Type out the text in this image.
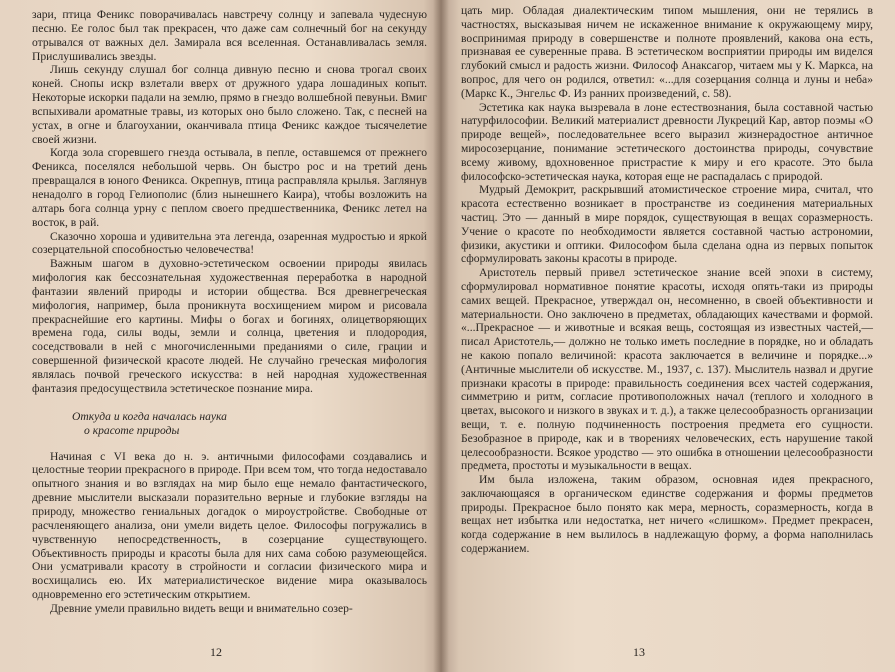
зари, птица Феникс поворачивалась навстречу солнцу и запевала чудесную песню. Ее голос был так прекрасен, что даже сам солнечный бог на секунду отрывался от важных дел. Замирала вся вселенная. Останавливалась земля. Прислушивались звезды.

Лишь секунду слушал бог солнца дивную песню и снова трогал своих коней. Снопы искр взлетали вверх от дружного удара лошадиных копыт. Некоторые искорки падали на землю, прямо в гнездо волшебной певуньи. Вмиг вспыхивали ароматные травы, из которых оно было сложено. Так, с песней на устах, в огне и благоухании, оканчивала птица Феникс каждое тысячелетие своей жизни.

Когда зола сгоревшего гнезда остывала, в пепле, оставшемся от прежнего Феникса, поселялся небольшой червь. Он быстро рос и на третий день превращался в юного Феникса. Окрепнув, птица расправляла крылья. Заглянув ненадолго в город Гелиополис (близ нынешнего Каира), чтобы возложить на алтарь бога солнца урну с пеплом своего предшественника, Феникс летел на восток, в рай.

Сказочно хороша и удивительна эта легенда, озаренная мудростью и яркой созерцательной способностью человечества!

Важным шагом в духовно-эстетическом освоении природы явилась мифология как бессознательная художественная переработка в народной фантазии явлений природы и истории общества. Вся древнегреческая мифология, например, была проникнута восхищением миром и рисовала прекраснейшие его картины. Мифы о богах и богинях, олицетворяющих времена года, силы воды, земли и солнца, цветения и плодородия, соседствовали в ней с многочисленными преданиями о силе, грации и совершенной физической красоте людей. Не случайно греческая мифология являлась почвой греческого искусства: в ней народная художественная фантазия предосуществила эстетическое познание мира.

Откуда и когда началась наука
о красоте природы

Начиная с VI века до н. э. античными философами создавались и целостные теории прекрасного в природе. При всем том, что тогда недоставало опытного знания и во взглядах на мир было еще немало фантастического, древние мыслители высказали поразительно верные и глубокие взгляды на природу, множество гениальных догадок о мироустройстве. Свободные от расчленяющего анализа, они умели видеть целое. Философы погружались в чувственную непосредственность, в созерцание существующего. Объективность природы и красоты была для них сама собою разумеющейся. Они усматривали красоту в стройности и согласии физического мира и восхищались ею. Их материалистическое видение мира оказывалось одновременно его эстетическим открытием.

Древние умели правильно видеть вещи и внимательно созер-

12

цать мир. Обладая диалектическим типом мышления, они не терялись в частностях, высказывая ничем не искаженное внимание к окружающему миру, воспринимая природу в совершенстве и полноте проявлений, какова она есть, признавая ее суверенные права. В эстетическом восприятии природы им виделся глубокий смысл и радость жизни. Философ Анаксагор, читаем мы у К. Маркса, на вопрос, для чего он родился, ответил: «...для созерцания солнца и луны и неба» (Маркс К., Энгельс Ф. Из ранних произведений, с. 58).

Эстетика как наука вызревала в лоне естествознания, была составной частью натурфилософии. Великий материалист древности Лукреций Кар, автор поэмы «О природе вещей», последовательнее всего выразил жизнерадостное античное миросозерцание, понимание эстетического достоинства природы, сочувствие всему живому, вдохновенное пристрастие к миру и его красоте. Это была философско-эстетическая наука, которая еще не распадалась с природой.

Мудрый Демокрит, раскрывший атомистическое строение мира, считал, что красота естественно возникает в пространстве из соединения материальных частиц. Это — данный в мире порядок, существующая в вещах соразмерность. Учение о красоте по необходимости является составной частью астрономии, физики, акустики и оптики. Философом была сделана одна из первых попыток сформулировать законы красоты в природе.

Аристотель первый привел эстетическое знание всей эпохи в систему, сформулировал нормативное понятие красоты, исходя опять-таки из природы самих вещей. Прекрасное, утверждал он, несомненно, в своей объективности и материальности. Оно заключено в предметах, обладающих качествами и формой. «...Прекрасное — и животные и всякая вещь, состоящая из известных частей,— писал Аристотель,— должно не только иметь последние в порядке, но и обладать не какою попало величиной: красота заключается в величине и порядке...» (Античные мыслители об искусстве. М., 1937, с. 137). Мыслитель назвал и другие признаки красоты в природе: правильность соединения всех частей содержания, симметрию и ритм, согласие противоположных начал (теплого и холодного в цветах, высокого и низкого в звуках и т. д.), а также целесообразность организации вещи, т. е. полную подчиненность построения предмета его сущности. Безобразное в природе, как и в творениях человеческих, есть нарушение такой целесообразности. Всякое уродство — это ошибка в отношении целесообразности предмета, простоты и музыкальности в вещах.

Им была изложена, таким образом, основная идея прекрасного, заключающаяся в органическом единстве содержания и формы предметов природы. Прекрасное было понято как мера, мерность, соразмерность, когда в вещах нет избытка или недостатка, нет ничего «слишком». Предмет прекрасен, когда содержание в нем вылилось в надлежащую форму, а форма наполнилась содержанием.

13
